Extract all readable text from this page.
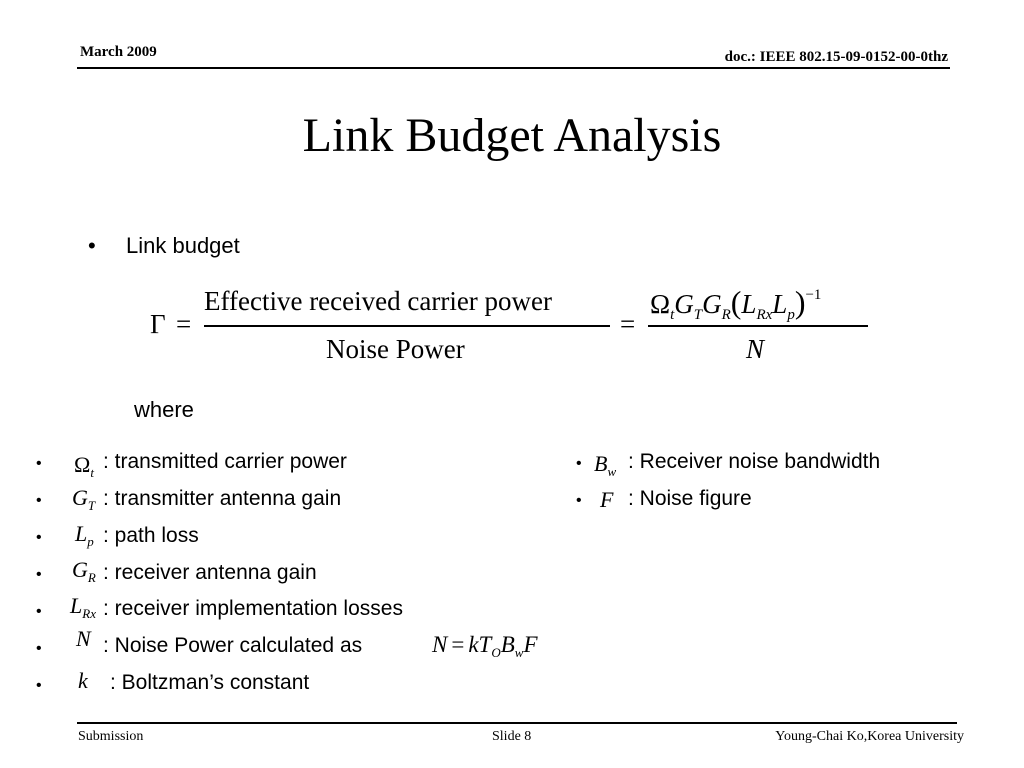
March 2009	doc.: IEEE 802.15-09-0152-00-0thz
Link Budget Analysis
• Link budget
Γ =
Effective received carrier power
Noise Power
=
$\Omega_tG_TG_R(L_{Rx}L_p)^{-1}$
N
where
• $\Omega_t$ : transmitted carrier power
• $G_T$ : transmitter antenna gain
• $L_p$ : path loss
• $G_R$ : receiver antenna gain
• $L_{Rx}$ : receiver implementation losses
• N : Noise Power calculated as	$N = kT_OB_wF$
• k : Boltzman’s constant
• $B_w$ : Receiver noise bandwidth
• F : Noise figure
Submission	Slide 8	Young-Chai Ko,Korea University
